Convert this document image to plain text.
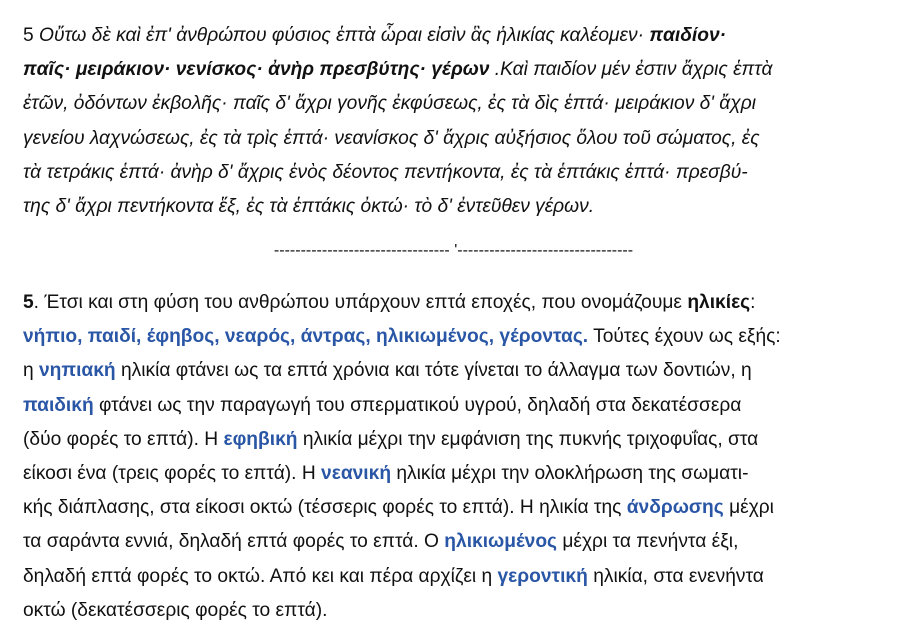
5 Οὔτω δὲ καὶ ἐπ' ἀνθρώπου φύσιος ἑπτὰ ὧραι εἰσὶν ἃς ἡλικίας καλέομεν· παιδίον·
παῖς· μειράκιον· νενίσκος· ἀνὴρ πρεσβύτης· γέρων .Καὶ παιδίον μέν ἐστιν ἄχρις ἑπτὰ
ἐτῶν, ὀδόντων ἐκβολῆς· παῖς δ' ἄχρι γονῆς ἐκφύσεως, ἐς τὰ δὶς ἑπτά· μειράκιον δ' ἄχρι
γενείου λαχνώσεως, ἐς τὰ τρὶς ἑπτά· νεανίσκος δ' ἄχρις αὐξήσιος ὅλου τοῦ σώματος, ἐς
τὰ τετράκις ἑπτά· ἀνὴρ δ' ἄχρις ἑνὸς δέοντος πεντήκοντα, ἐς τὰ ἑπτάκις ἑπτά· πρεσβύ-
της δ' ἄχρι πεντήκοντα ἕξ, ἐς τὰ ἑπτάκις ὀκτώ· τὸ δ' ἐντεῦθεν γέρων.
--------------------------------- '---------------------------------
5. Έτσι και στη φύση του ανθρώπου υπάρχουν επτά εποχές, που ονομάζουμε ηλικίες:
νήπιο, παιδί, έφηβος, νεαρός, άντρας, ηλικιωμένος, γέροντας. Τούτες έχουν ως εξής:
η νηπιακή ηλικία φτάνει ως τα επτά χρόνια και τότε γίνεται το άλλαγμα των δοντιών, η
παιδική φτάνει ως την παραγωγή του σπερματικού υγρού, δηλαδή στα δεκατέσσερα
(δύο φορές το επτά). Η εφηβική ηλικία μέχρι την εμφάνιση της πυκνής τριχοφυΐας, στα
είκοσι ένα (τρεις φορές το επτά). Η νεανική ηλικία μέχρι την ολοκλήρωση της σωματι-
κής διάπλασης, στα είκοσι οκτώ (τέσσερις φορές το επτά). Η ηλικία της άνδρωσης μέχρι
τα σαράντα εννιά, δηλαδή επτά φορές το επτά. Ο ηλικιωμένος μέχρι τα πενήντα έξι,
δηλαδή επτά φορές το οκτώ. Από κει και πέρα αρχίζει η γεροντική ηλικία, στα ενενήντα
οκτώ (δεκατέσσερις φορές το επτά).
